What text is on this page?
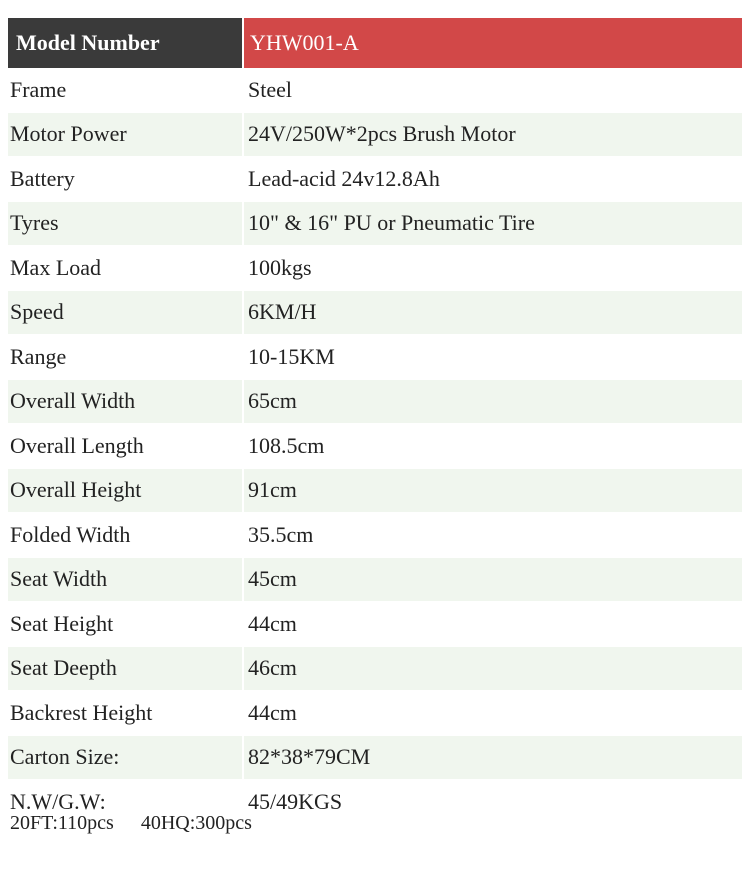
Model Number	YHW001-A
Frame	Steel
Motor Power	24V/250W*2pcs Brush Motor
Battery	Lead-acid 24v12.8Ah
Tyres	10" & 16" PU or Pneumatic Tire
Max Load	100kgs
Speed	6KM/H
Range	10-15KM
Overall Width	65cm
Overall Length	108.5cm
Overall Height	91cm
Folded Width	35.5cm
Seat Width	45cm
Seat Height	44cm
Seat Deepth	46cm
Backrest Height	44cm
Carton Size:	82*38*79CM
N.W/G.W:	45/49KGS
20FT:110pcs 40HQ:300pcs
